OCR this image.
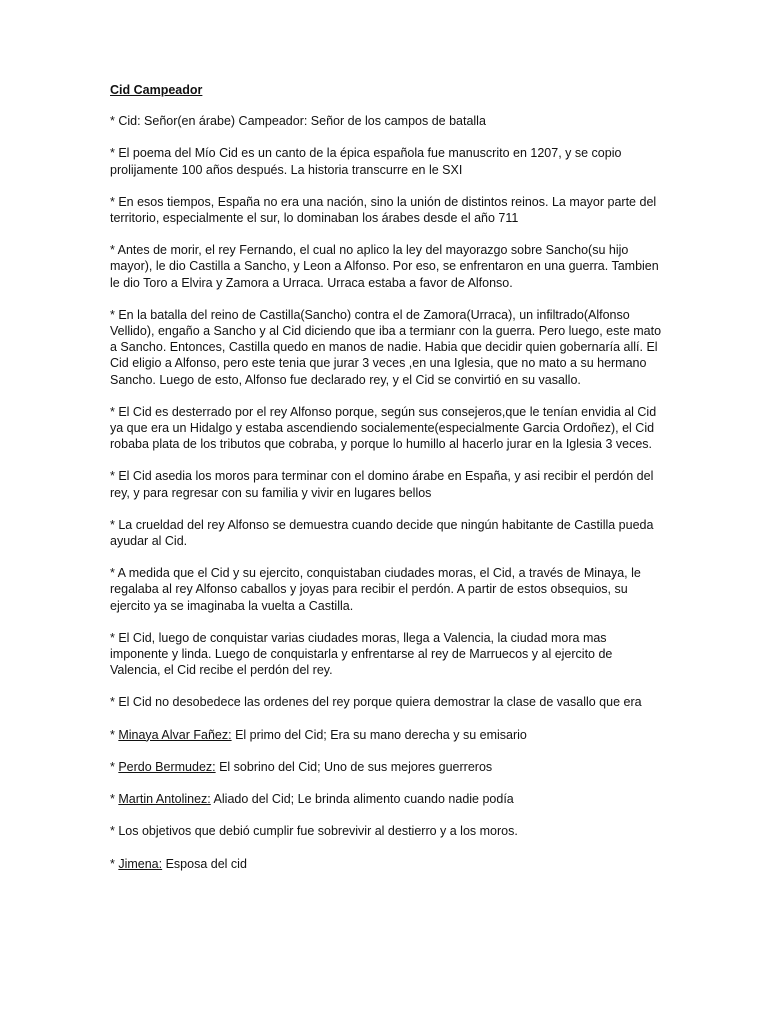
Cid Campeador

* Cid: Señor(en árabe) Campeador: Señor de los campos de batalla

* El poema del Mío Cid es un canto de la épica española fue manuscrito en 1207, y se copio prolijamente 100 años después. La historia transcurre en le SXI

* En esos tiempos, España no era una nación, sino la unión de distintos reinos. La mayor parte del territorio, especialmente el sur, lo dominaban los árabes desde el año 711

* Antes de morir, el rey Fernando, el cual no aplico la ley del mayorazgo sobre Sancho(su hijo mayor), le dio Castilla a Sancho, y Leon a Alfonso. Por eso, se enfrentaron en una guerra. Tambien le dio Toro a Elvira y Zamora a Urraca. Urraca estaba a favor de Alfonso.

* En la batalla del reino de Castilla(Sancho) contra el de Zamora(Urraca), un infiltrado(Alfonso Vellido), engaño a Sancho y al Cid diciendo que iba a termianr con la guerra. Pero luego, este mato a Sancho. Entonces, Castilla quedo en manos de nadie. Habia que decidir quien gobernaría allí. El Cid eligio a Alfonso, pero este tenia que jurar 3 veces ,en una Iglesia, que no mato a su hermano Sancho. Luego de esto, Alfonso fue declarado rey, y el Cid se convirtió en su vasallo.

* El Cid es desterrado por el rey Alfonso porque, según sus consejeros,que le tenían envidia al Cid ya que era un Hidalgo y estaba ascendiendo socialemente(especialmente Garcia Ordoñez), el Cid robaba plata de los tributos que cobraba, y porque lo humillo al hacerlo jurar en la Iglesia 3 veces.

* El Cid asedia los moros para terminar con el domino árabe en España, y asi recibir el perdón del rey, y para regresar con su familia y vivir en lugares bellos

* La crueldad del rey Alfonso se demuestra cuando decide que ningún habitante de Castilla pueda ayudar al Cid.

* A medida que el Cid y su ejercito, conquistaban ciudades moras, el Cid, a través de Minaya, le regalaba al rey Alfonso caballos y joyas para recibir el perdón. A partir de estos obsequios, su ejercito ya se imaginaba la vuelta a Castilla.

* El Cid, luego de conquistar varias ciudades moras, llega a Valencia, la ciudad mora mas imponente y linda. Luego de conquistarla y enfrentarse al rey de Marruecos y al ejercito de Valencia, el Cid recibe el perdón del rey.

* El Cid no desobedece las ordenes del rey porque quiera demostrar la clase de vasallo que era

* Minaya Alvar Fañez: El primo del Cid; Era su mano derecha y su emisario

* Perdo Bermudez: El sobrino del Cid; Uno de sus mejores guerreros

* Martin Antolinez: Aliado del Cid; Le brinda alimento cuando nadie podía

* Los objetivos que debió cumplir fue sobrevivir al destierro y a los moros.

* Jimena: Esposa del cid
